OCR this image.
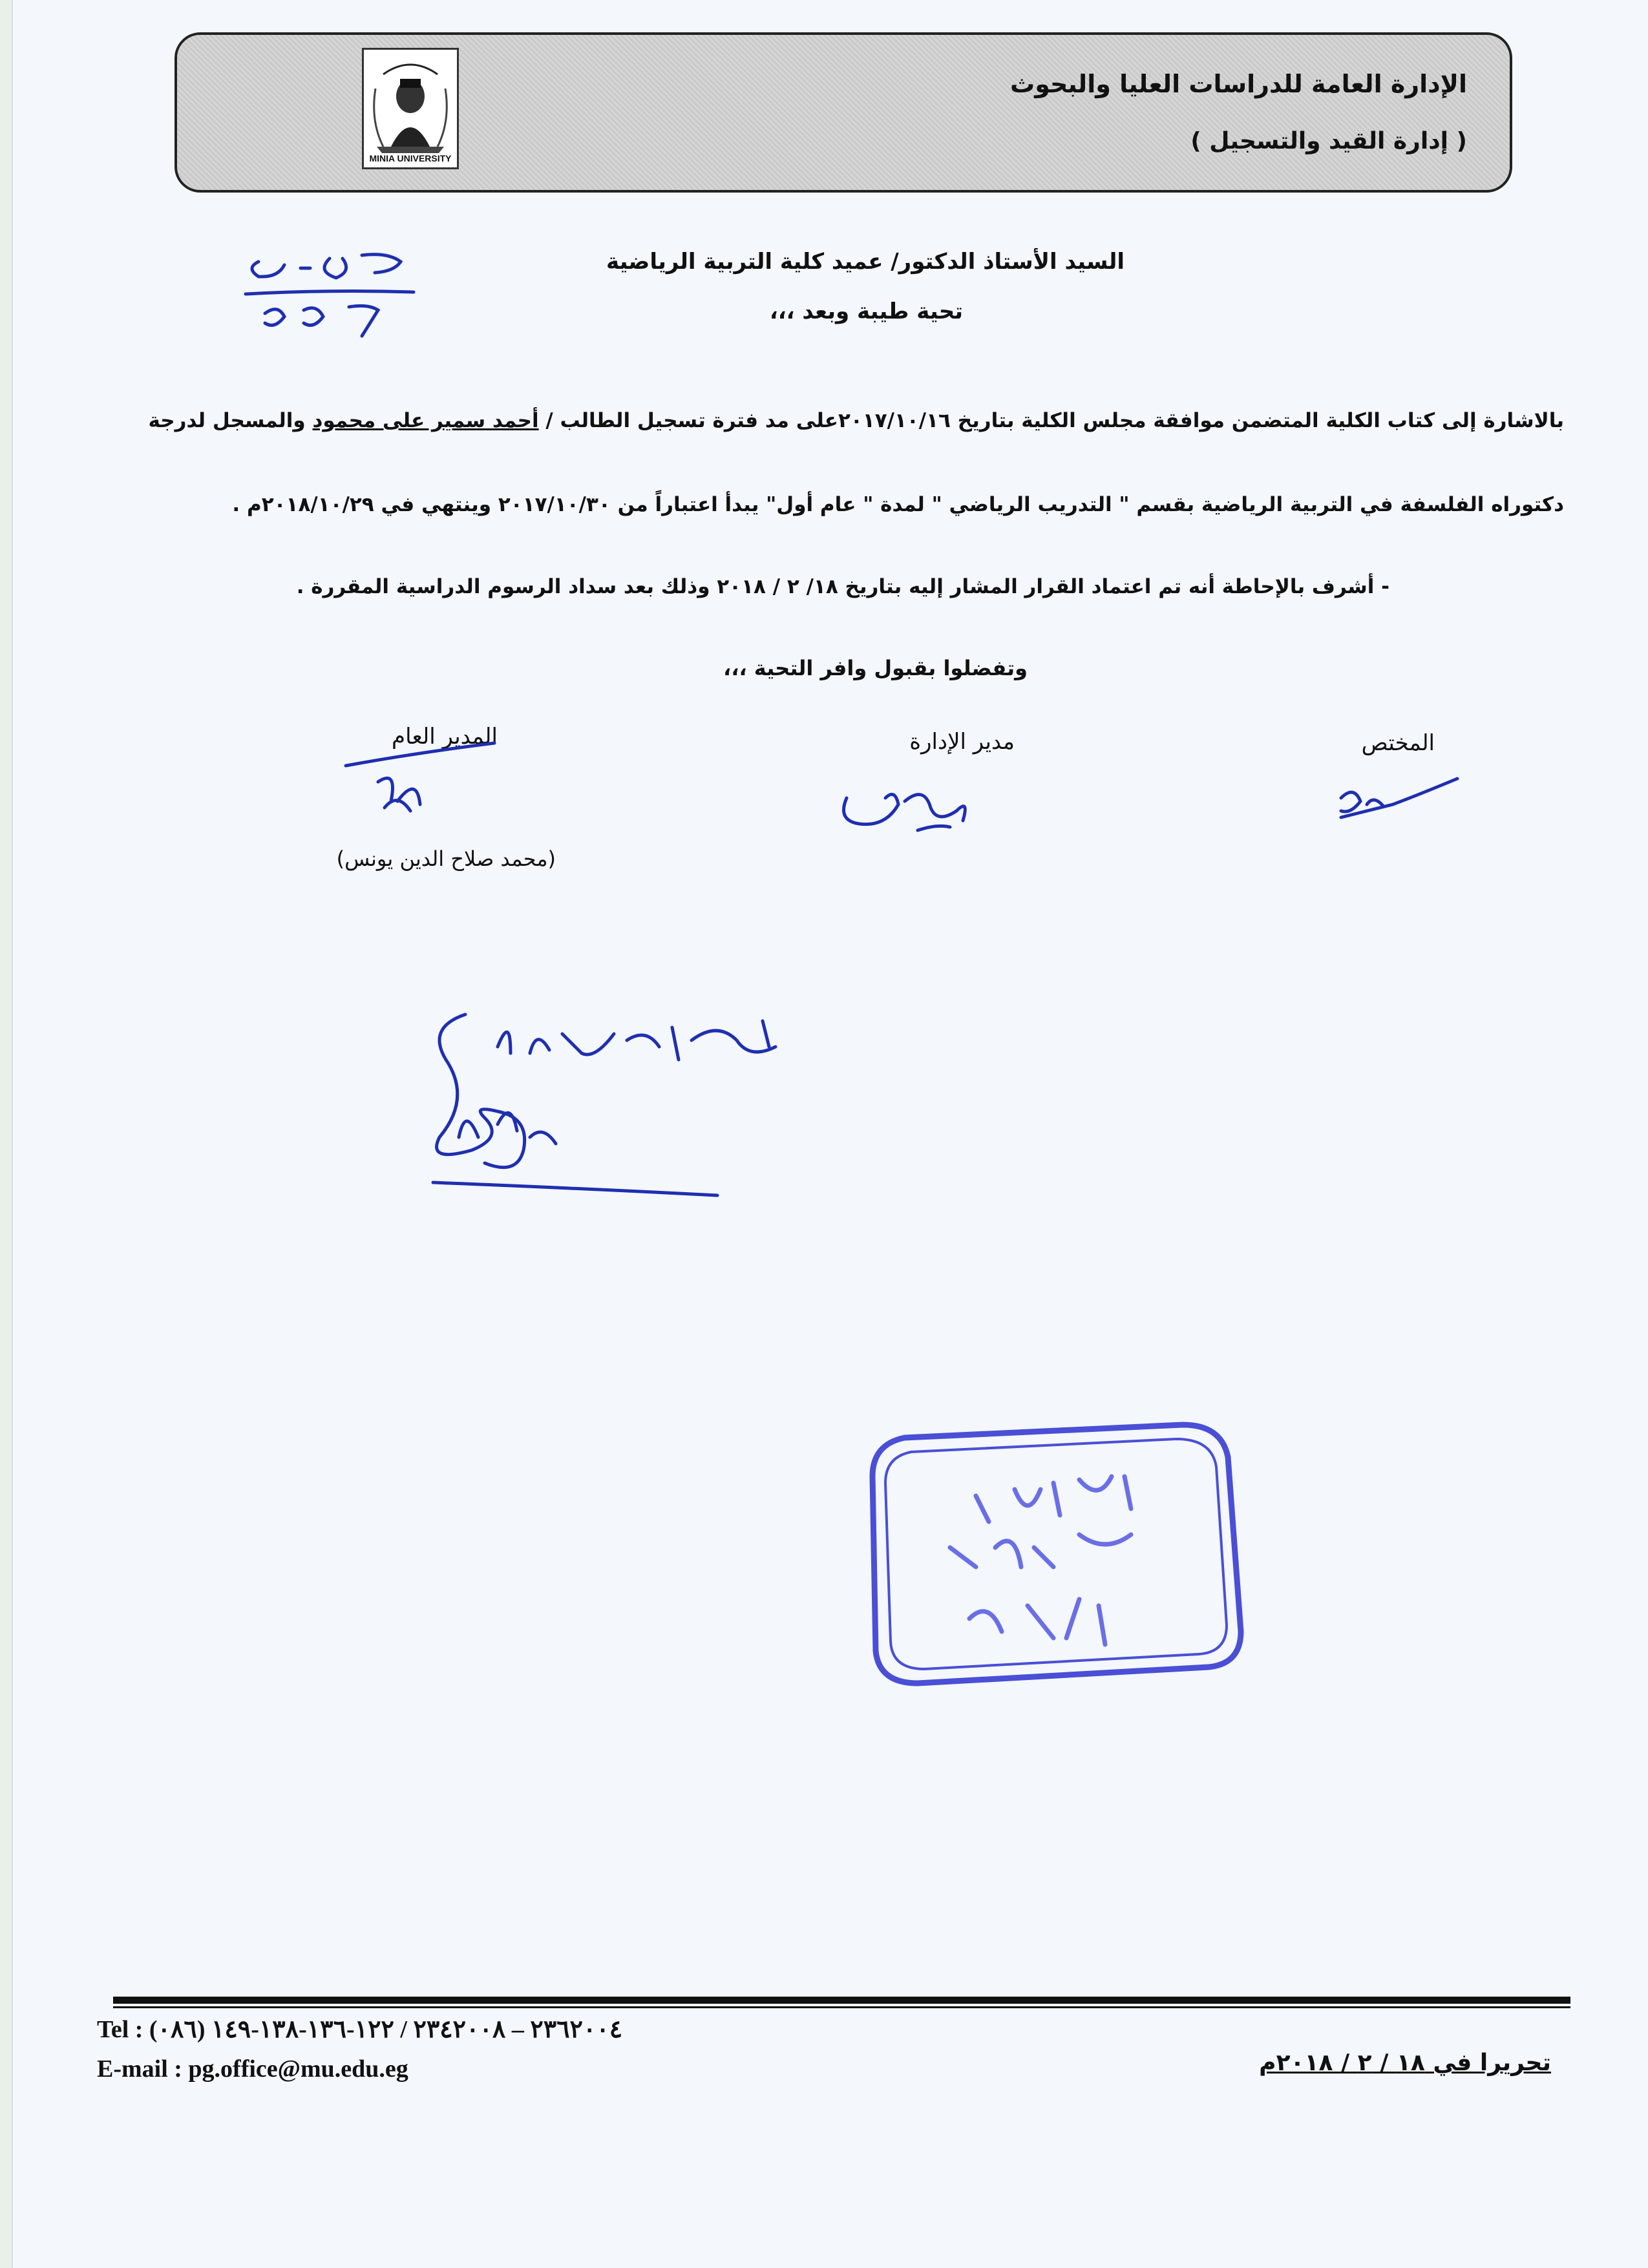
MINIA UNIVERSITY
الإدارة العامة للدراسات العليا والبحوث
( إدارة القيد والتسجيل )
السيد الأستاذ الدكتور/ عميد كلية التربية الرياضية
تحية طيبة وبعد ،،،
بالاشارة إلى كتاب الكلية المتضمن موافقة مجلس الكلية بتاريخ ٢٠١٧/١٠/١٦على مد فترة تسجيل الطالب / أحمد سمير على محمود والمسجل لدرجة
دكتوراه الفلسفة في التربية الرياضية بقسم " التدريب الرياضي " لمدة " عام أول" يبدأ اعتباراً من ٢٠١٧/١٠/٣٠ وينتهي في ٢٠١٨/١٠/٢٩م .
- أشرف بالإحاطة أنه تم اعتماد القرار المشار إليه بتاريخ ١٨/ ٢ / ٢٠١٨ وذلك بعد سداد الرسوم الدراسية المقررة .
وتفضلوا بقبول وافر التحية ،،،
المختص
مدير الإدارة
المدير العام
(محمد صلاح الدين يونس)
Tel : (٠٨٦) ٢٣٦٢٠٠٤ – ٢٣٤٢٠٠٨ / ١٢٢-١٣٦-١٣٨-١٤٩
E-mail : pg.office@mu.edu.eg	تحريرا في ١٨ / ٢ / ٢٠١٨م
